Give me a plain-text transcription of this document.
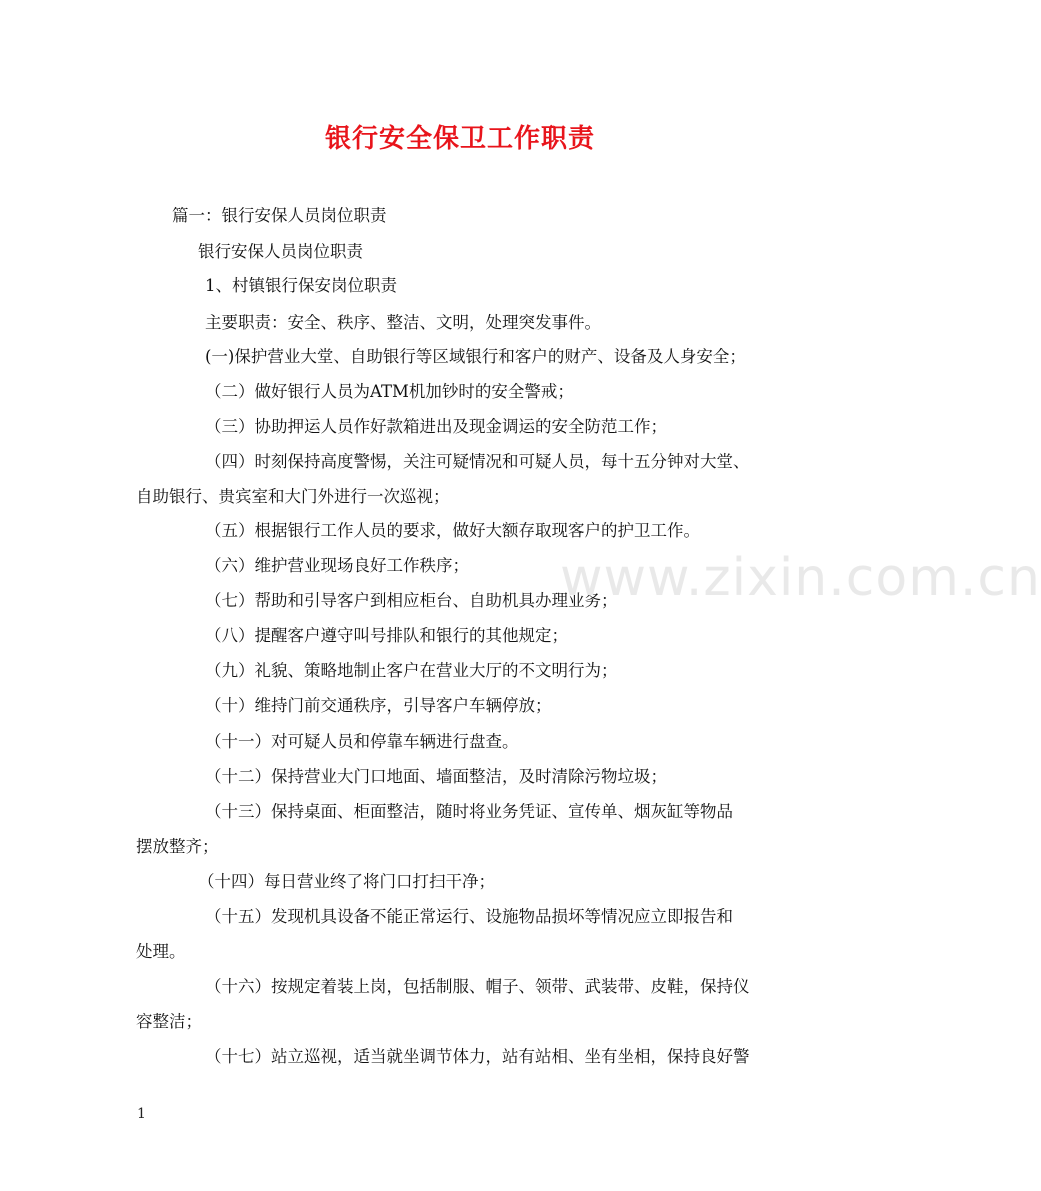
银行安全保卫工作职责
篇一：银行安保人员岗位职责
银行安保人员岗位职责
1、村镇银行保安岗位职责
主要职责：安全、秩序、整洁、文明，处理突发事件。
(一)保护营业大堂、自助银行等区域银行和客户的财产、设备及人身安全；
（二）做好银行人员为ATM机加钞时的安全警戒；
（三）协助押运人员作好款箱进出及现金调运的安全防范工作；
（四）时刻保持高度警惕，关注可疑情况和可疑人员，每十五分钟对大堂、
自助银行、贵宾室和大门外进行一次巡视；
（五）根据银行工作人员的要求，做好大额存取现客户的护卫工作。
（六）维护营业现场良好工作秩序；
（七）帮助和引导客户到相应柜台、自助机具办理业务；
（八）提醒客户遵守叫号排队和银行的其他规定；
（九）礼貌、策略地制止客户在营业大厅的不文明行为；
（十）维持门前交通秩序，引导客户车辆停放；
（十一）对可疑人员和停靠车辆进行盘查。
（十二）保持营业大门口地面、墙面整洁，及时清除污物垃圾；
（十三）保持桌面、柜面整洁，随时将业务凭证、宣传单、烟灰缸等物品
摆放整齐；
（十四）每日营业终了将门口打扫干净；
（十五）发现机具设备不能正常运行、设施物品损坏等情况应立即报告和
处理。
（十六）按规定着装上岗，包括制服、帽子、领带、武装带、皮鞋，保持仪
容整洁；
（十七）站立巡视，适当就坐调节体力，站有站相、坐有坐相，保持良好警
www.zixin.com.cn
1
